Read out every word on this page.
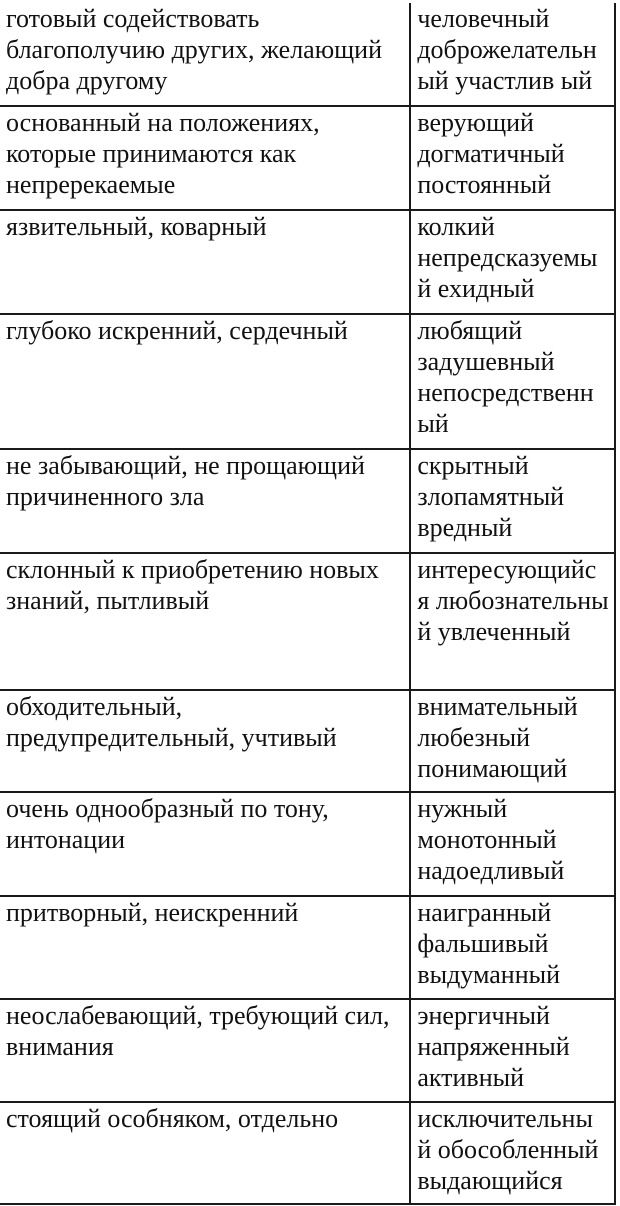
готовый содействовать благополучию других, желающий добра другому	человечный доброжелательн ый участлив ый
основанный на положениях, которые принимаются как непререкаемые	верующий догматичный постоянный
язвительный, коварный	колкий непредсказуемы й ехидный
глубоко искренний, сердечный	любящий задушевный непосредственн ый
не забывающий, не прощающий причиненного зла	скрытный злопамятный вредный
склонный к приобретению новых знаний, пытливый	интересующийс я любознательны й увлеченный
обходительный, предупредительный, учтивый	внимательный любезный понимающий
очень однообразный по тону, интонации	нужный монотонный надоедливый
притворный, неискренний	наигранный фальшивый выдуманный
неослабевающий, требующий сил, внимания	энергичный напряженный активный
стоящий особняком, отдельно	исключительны й обособленный выдающийся
